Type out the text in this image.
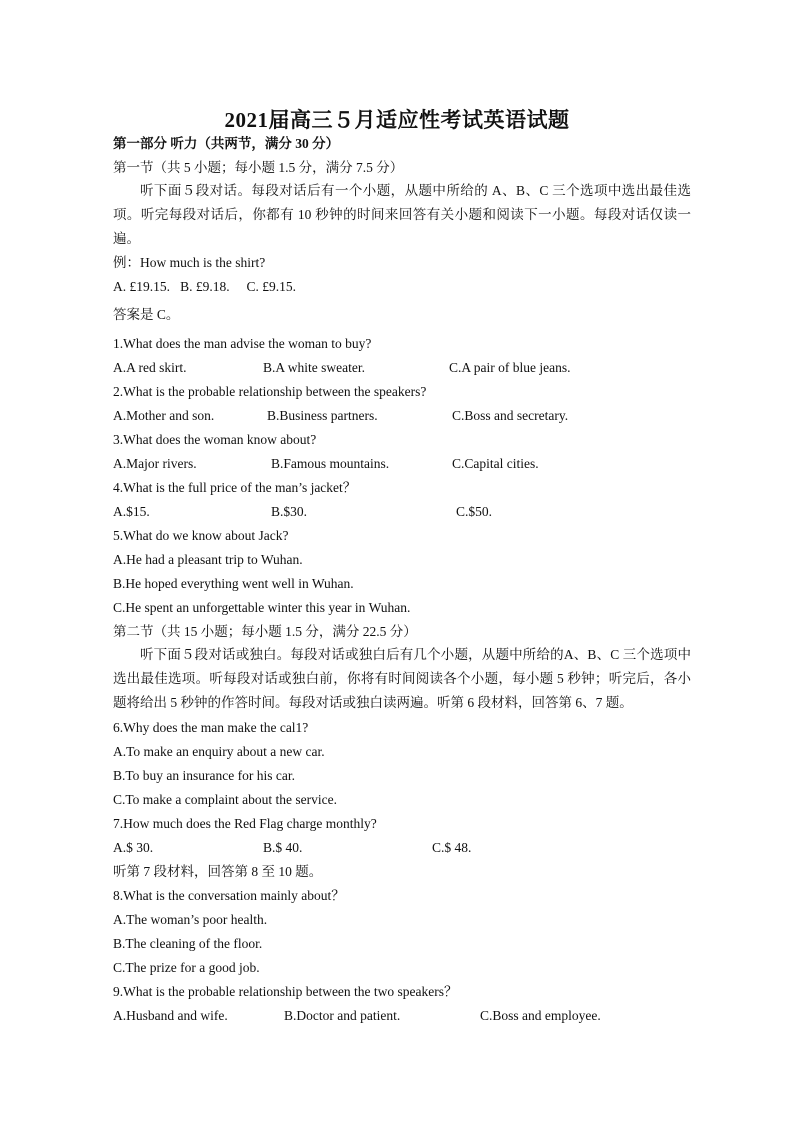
2021届高三５月适应性考试英语试题
第一部分 听力（共两节，满分 30 分）
第一节（共 5 小题；每小题 1.5 分，满分 7.5 分）
听下面５段对话。每段对话后有一个小题，从题中所给的 A、B、C 三个选项中选出最佳选项。听完每段对话后，你都有 10 秒钟的时间来回答有关小题和阅读下一小题。每段对话仅读一遍。
例：How much is the shirt?
A. £19.15.   B. £9.18.     C. £9.15.
答案是 C。
1.What does the man advise the woman to buy?
A.A red skirt.	B.A white sweater.	C.A pair of blue jeans.
2.What is the probable relationship between the speakers?
A.Mother and son.	B.Business partners.	C.Boss and secretary.
3.What does the woman know about?
A.Major rivers.	B.Famous mountains.	C.Capital cities.
4.What is the full price of the man’s jacket？
A.$15.	B.$30.	C.$50.
5.What do we know about Jack?
A.He had a pleasant trip to Wuhan.
B.He hoped everything went well in Wuhan.
C.He spent an unforgettable winter this year in Wuhan.
第二节（共 15 小题；每小题 1.5 分，满分 22.5 分）
听下面５段对话或独白。每段对话或独白后有几个小题，从题中所给的A、B、C 三个选项中选出最佳选项。听每段对话或独白前，你将有时间阅读各个小题，每小题 5 秒钟；听完后，各小题将给出 5 秒钟的作答时间。每段对话或独白读两遍。听第 6 段材料，回答第 6、7 题。
6.Why does the man make the cal1?
A.To make an enquiry about a new car.
B.To buy an insurance for his car.
C.To make a complaint about the service.
7.How much does the Red Flag charge monthly?
A.$ 30.	B.$ 40.	C.$ 48.
听第 7 段材料，回答第 8 至 10 题。
8.What is the conversation mainly about？
A.The woman’s poor health.
B.The cleaning of the floor.
C.The prize for a good job.
9.What is the probable relationship between the two speakers？
A.Husband and wife.	B.Doctor and patient.	C.Boss and employee.
